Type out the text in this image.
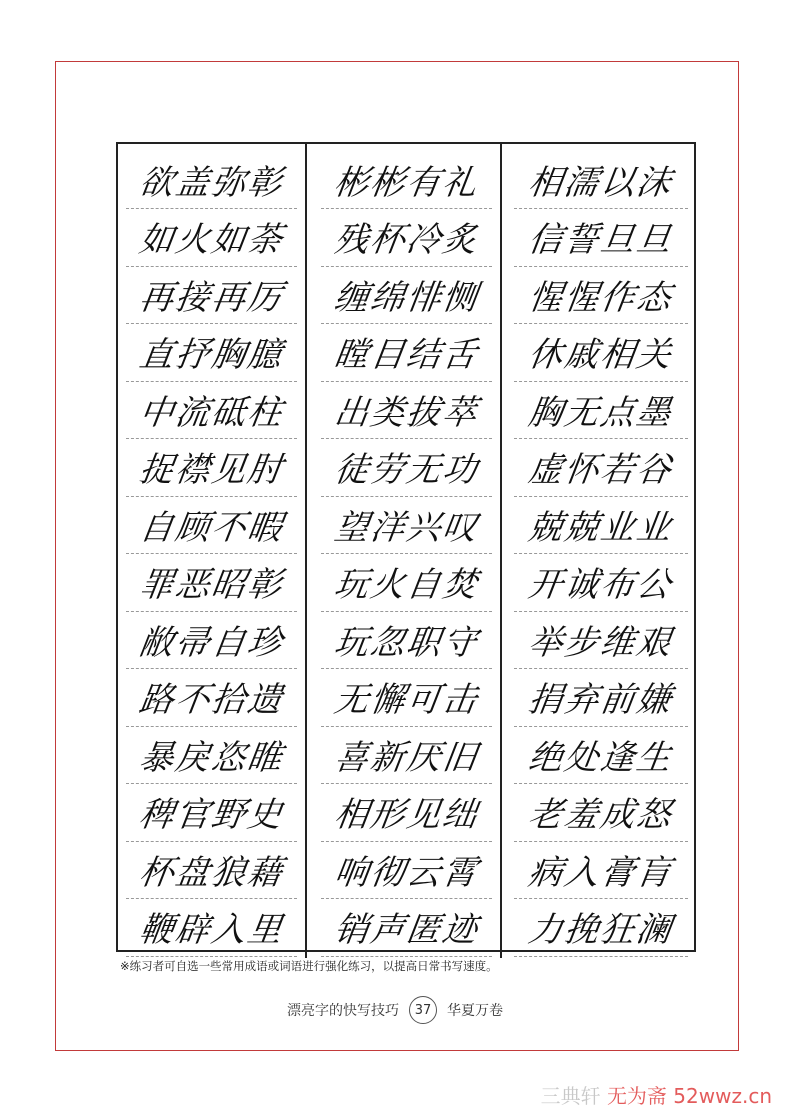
欲盖弥彰
如火如荼
再接再厉
直抒胸臆
中流砥柱
捉襟见肘
自顾不暇
罪恶昭彰
敝帚自珍
路不拾遗
暴戾恣睢
稗官野史
杯盘狼藉
鞭辟入里
彬彬有礼
残杯冷炙
缠绵悱恻
瞠目结舌
出类拔萃
徒劳无功
望洋兴叹
玩火自焚
玩忽职守
无懈可击
喜新厌旧
相形见绌
响彻云霄
销声匿迹
相濡以沫
信誓旦旦
惺惺作态
休戚相关
胸无点墨
虚怀若谷
兢兢业业
开诚布公
举步维艰
捐弃前嫌
绝处逢生
老羞成怒
病入膏肓
力挽狂澜
※练习者可自选一些常用成语或词语进行强化练习，以提高日常书写速度。
漂亮字的快写技巧	37	华夏万卷
三典轩 无为斋 52wwz.cn
